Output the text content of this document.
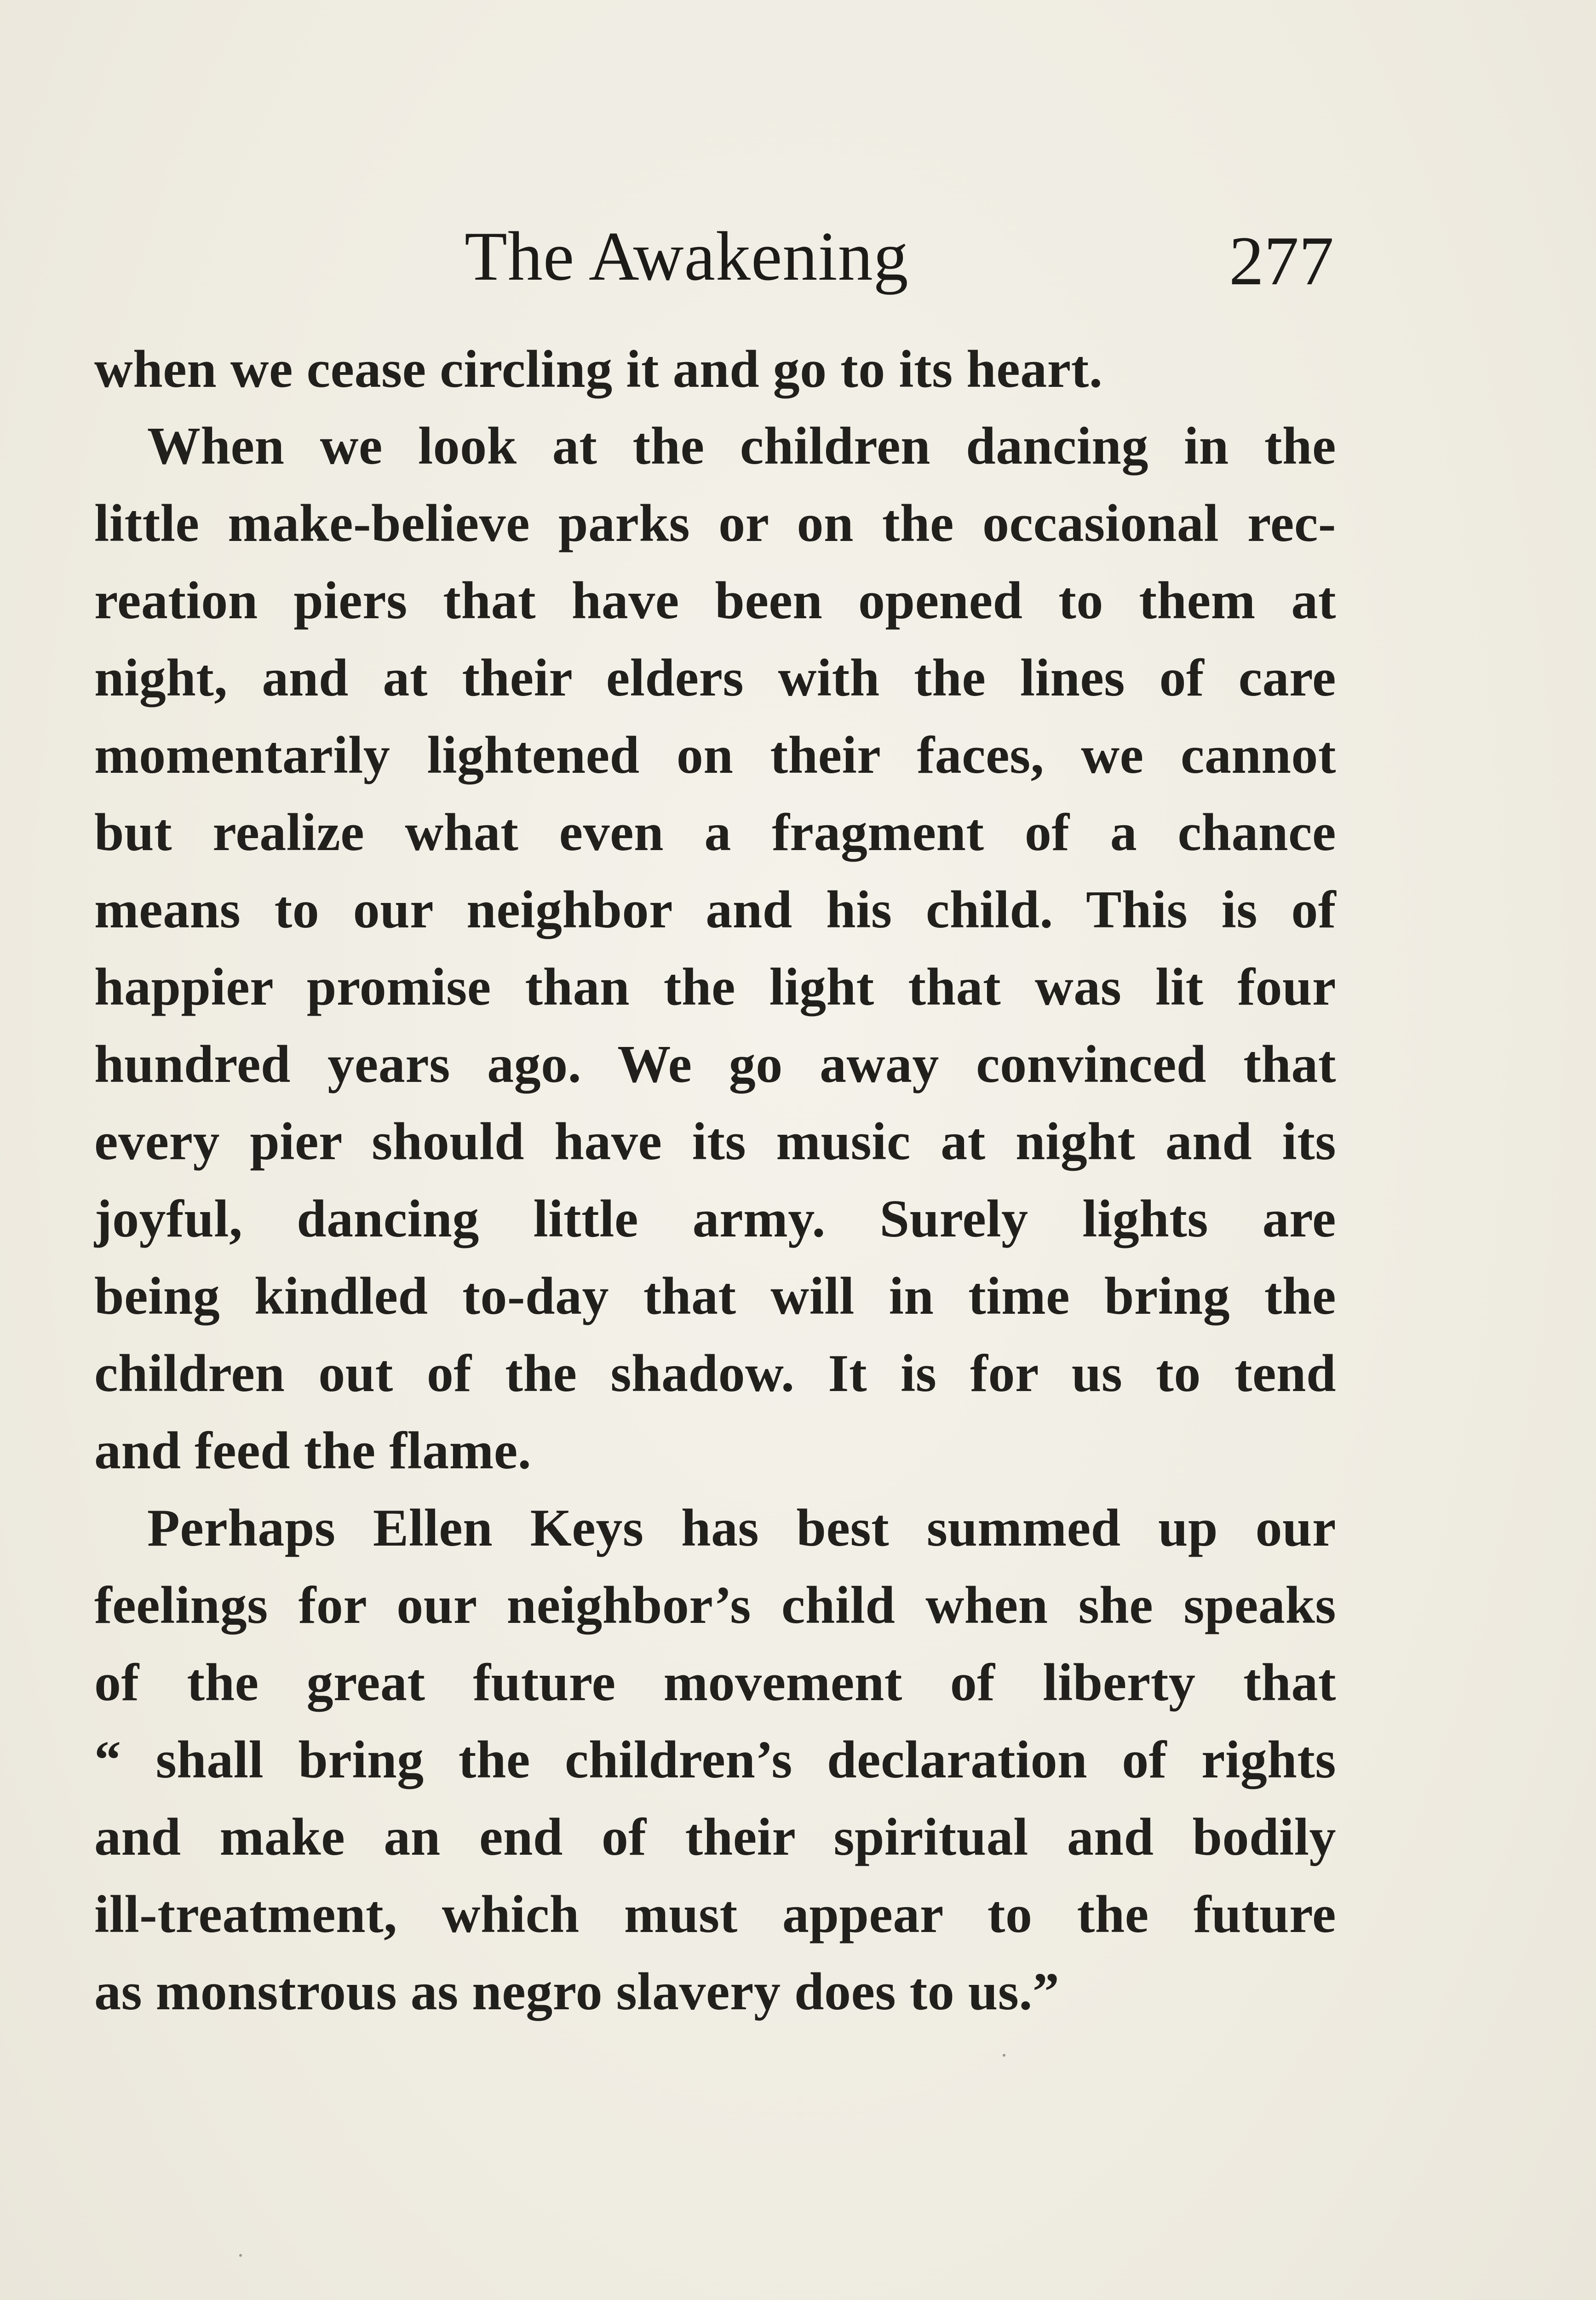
The Awakening	277
when we cease circling it and go to its heart.
When we look at the children dancing in the
little make-believe parks or on the occasional rec-
reation piers that have been opened to them at
night, and at their elders with the lines of care
momentarily lightened on their faces, we cannot
but realize what even a fragment of a chance
means to our neighbor and his child. This is of
happier promise than the light that was lit four
hundred years ago. We go away convinced that
every pier should have its music at night and its
joyful, dancing little army. Surely lights are
being kindled to-day that will in time bring the
children out of the shadow. It is for us to tend
and feed the flame.
Perhaps Ellen Keys has best summed up our
feelings for our neighbor’s child when she speaks
of the great future movement of liberty that
“ shall bring the children’s declaration of rights
and make an end of their spiritual and bodily
ill-treatment, which must appear to the future
as monstrous as negro slavery does to us.”
